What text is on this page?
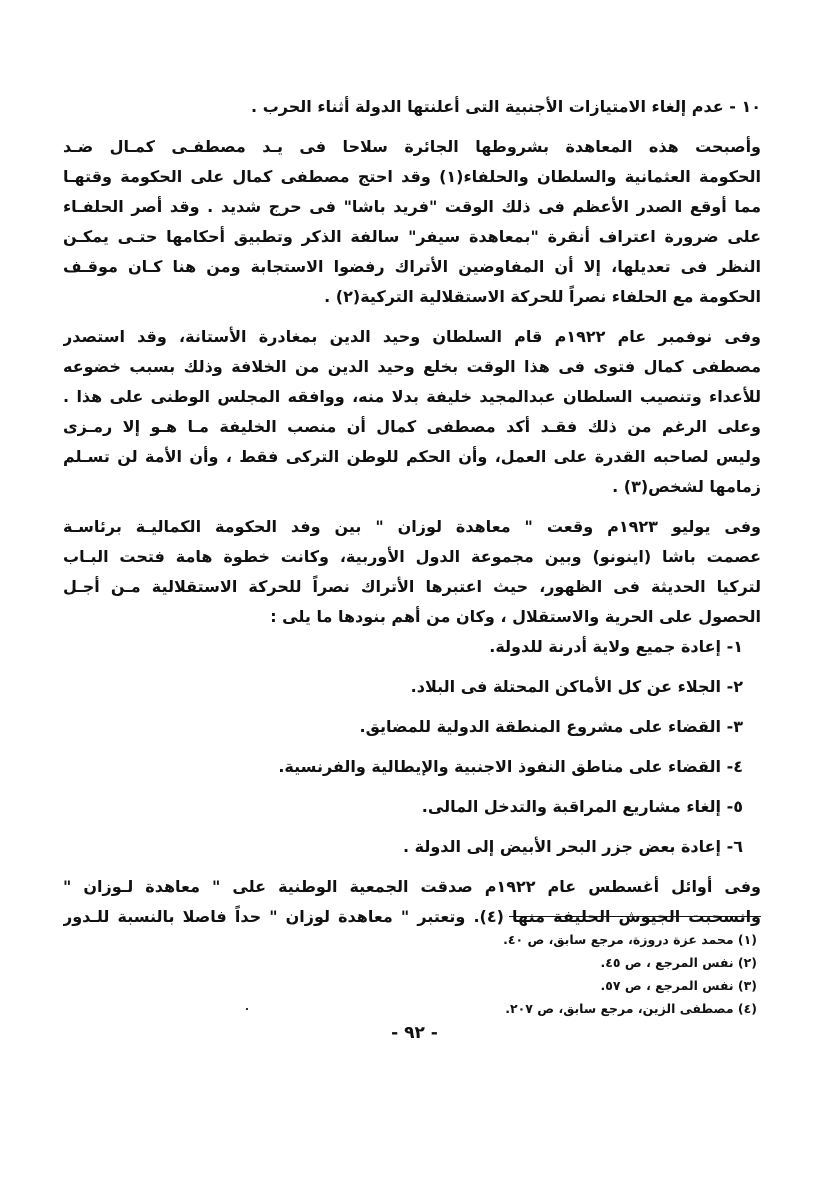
١٠ - عدم إلغاء الامتيازات الأجنبية التى أعلنتها الدولة أثناء الحرب .
وأصبحت هذه المعاهدة بشروطها الجائرة سلاحا فى يـد مصطفـى كمـال ضـد
الحكومة العثمانية والسلطان والحلفاء(١) وقد احتج مصطفى كمال على الحكومة وقتهـا
مما أوقع الصدر الأعظم فى ذلك الوقت "فريد باشا" فى حرج شديد . وقد أصر الحلفـاء
على ضرورة اعتراف أنقرة "بمعاهدة سيفر" سالفة الذكر وتطبيق أحكامها حتـى يمكـن
النظر فى تعديلها، إلا أن المفاوضين الأتراك رفضوا الاستجابة ومن هنا كـان موقـف
الحكومة مع الحلفاء نصراً للحركة الاستقلالية التركية(٢) .
وفى نوفمبر عام ١٩٢٢م قام السلطان وحيد الدين بمغادرة الأستانة، وقد استصدر
مصطفى كمال فتوى فى هذا الوقت بخلع وحيد الدين من الخلافة وذلك بسبب خضوعه
للأعداء وتنصيب السلطان عبدالمجيد خليفة بدلا منه، ووافقه المجلس الوطنى على هذا .
وعلى الرغم من ذلك فقـد أكد مصطفى كمال أن منصب الخليفة مـا هـو إلا رمـزى
وليس لصاحبه القدرة على العمل، وأن الحكم للوطن التركى فقط ، وأن الأمة لن تسـلم
زمامها لشخص(٣) .
وفى يوليو ١٩٢٣م وقعت " معاهدة لوزان " بين وفد الحكومة الكماليـة برئاسـة
عصمت باشا (اينونو) وبين مجموعة الدول الأوربية، وكانت خطوة هامة فتحت البـاب
لتركيا الحديثة فى الظهور، حيث اعتبرها الأتراك نصراً للحركة الاستقلالية مـن أجـل
الحصول على الحرية والاستقلال ، وكان من أهم بنودها ما يلى :
١- إعادة جميع ولاية أدرنة للدولة.
٢- الجلاء عن كل الأماكن المحتلة فى البلاد.
٣- القضاء على مشروع المنطقة الدولية للمضايق.
٤- القضاء على مناطق النفوذ الاجنبية والإيطالية والفرنسية.
٥- إلغاء مشاريع المراقبة والتدخل المالى.
٦- إعادة بعض جزر البحر الأبيض إلى الدولة .
وفى أوائل أغسطس عام ١٩٢٢م صدقت الجمعية الوطنية على " معاهدة لـوزان "
وانسحبت الجيوش الحليفة منها (٤). وتعتبر " معاهدة لوزان " حداً فاصلا بالنسبة للـدور
(١) محمد عزة دروزة، مرجع سابق، ص ٤٠.
(٢) نفس المرجع ، ص ٤٥.
(٣) نفس المرجع ، ص ٥٧.
(٤) مصطفى الزين، مرجع سابق، ص ٢٠٧.
- ٩٢ -
